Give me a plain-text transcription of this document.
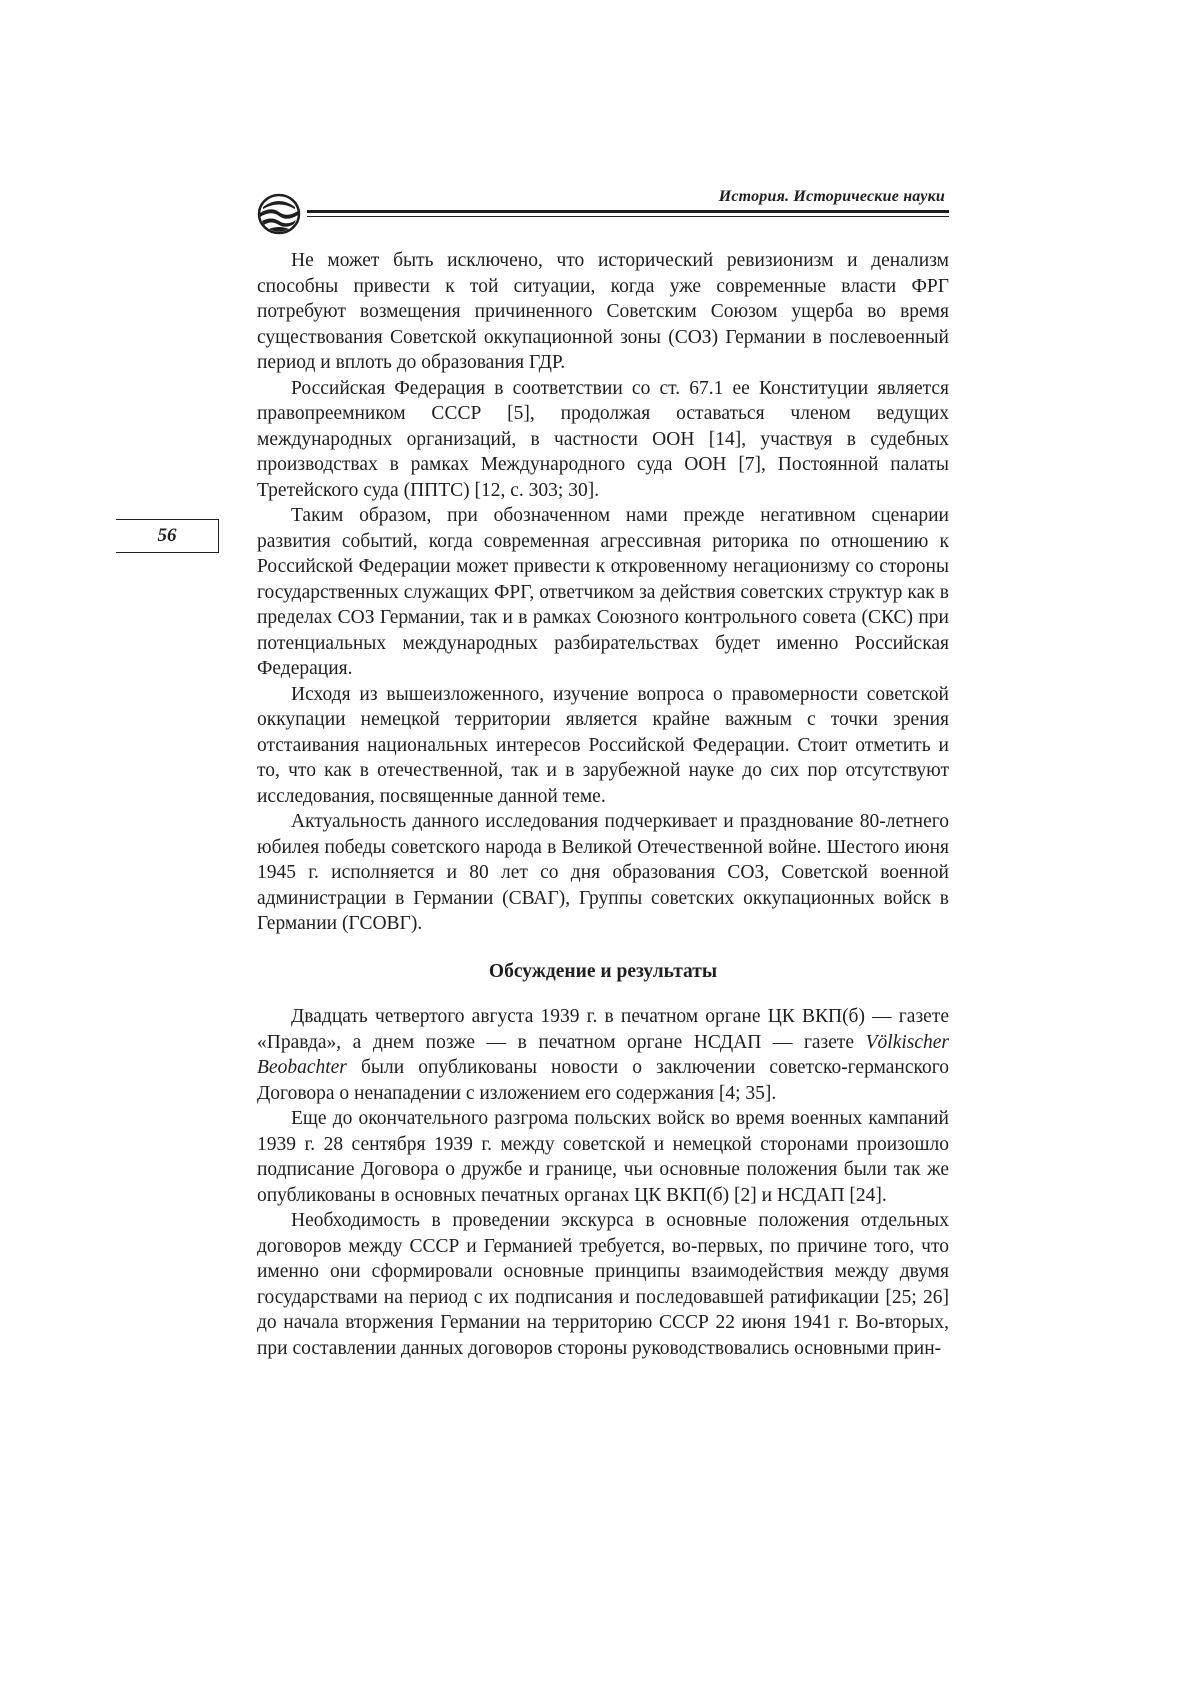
История. Исторические науки
56

Не может быть исключено, что исторический ревизионизм и денализм способны привести к той ситуации, когда уже современные власти ФРГ потребуют возмещения причиненного Советским Союзом ущерба во время существования Советской оккупационной зоны (СОЗ) Германии в послевоенный период и вплоть до образования ГДР.

Российская Федерация в соответствии со ст. 67.1 ее Конституции является правопреемником СССР [5], продолжая оставаться членом ведущих международных организаций, в частности ООН [14], участвуя в судебных производствах в рамках Международного суда ООН [7], Постоянной палаты Третейского суда (ППТС) [12, с. 303; 30].

Таким образом, при обозначенном нами прежде негативном сценарии развития событий, когда современная агрессивная риторика по отношению к Российской Федерации может привести к откровенному негационизму со стороны государственных служащих ФРГ, ответчиком за действия советских структур как в пределах СОЗ Германии, так и в рамках Союзного контрольного совета (СКС) при потенциальных международных разбирательствах будет именно Российская Федерация.

Исходя из вышеизложенного, изучение вопроса о правомерности советской оккупации немецкой территории является крайне важным с точки зрения отстаивания национальных интересов Российской Федерации. Стоит отметить и то, что как в отечественной, так и в зарубежной науке до сих пор отсутствуют исследования, посвященные данной теме.

Актуальность данного исследования подчеркивает и празднование 80-летнего юбилея победы советского народа в Великой Отечественной войне. Шестого июня 1945 г. исполняется и 80 лет со дня образования СОЗ, Советской военной администрации в Германии (СВАГ), Группы советских оккупационных войск в Германии (ГСОВГ).

Обсуждение и результаты

Двадцать четвертого августа 1939 г. в печатном органе ЦК ВКП(б) — газете «Правда», а днем позже — в печатном органе НСДАП — газете Völkischer Beobachter были опубликованы новости о заключении советско-германского Договора о ненападении с изложением его содержания [4; 35].

Еще до окончательного разгрома польских войск во время военных кампаний 1939 г. 28 сентября 1939 г. между советской и немецкой сторонами произошло подписание Договора о дружбе и границе, чьи основные положения были так же опубликованы в основных печатных органах ЦК ВКП(б) [2] и НСДАП [24].

Необходимость в проведении экскурса в основные положения отдельных договоров между СССР и Германией требуется, во-первых, по причине того, что именно они сформировали основные принципы взаимодействия между двумя государствами на период с их подписания и последовавшей ратификации [25; 26] до начала вторжения Германии на территорию СССР 22 июня 1941 г. Во-вторых, при составлении данных договоров стороны руководствовались основными прин-
